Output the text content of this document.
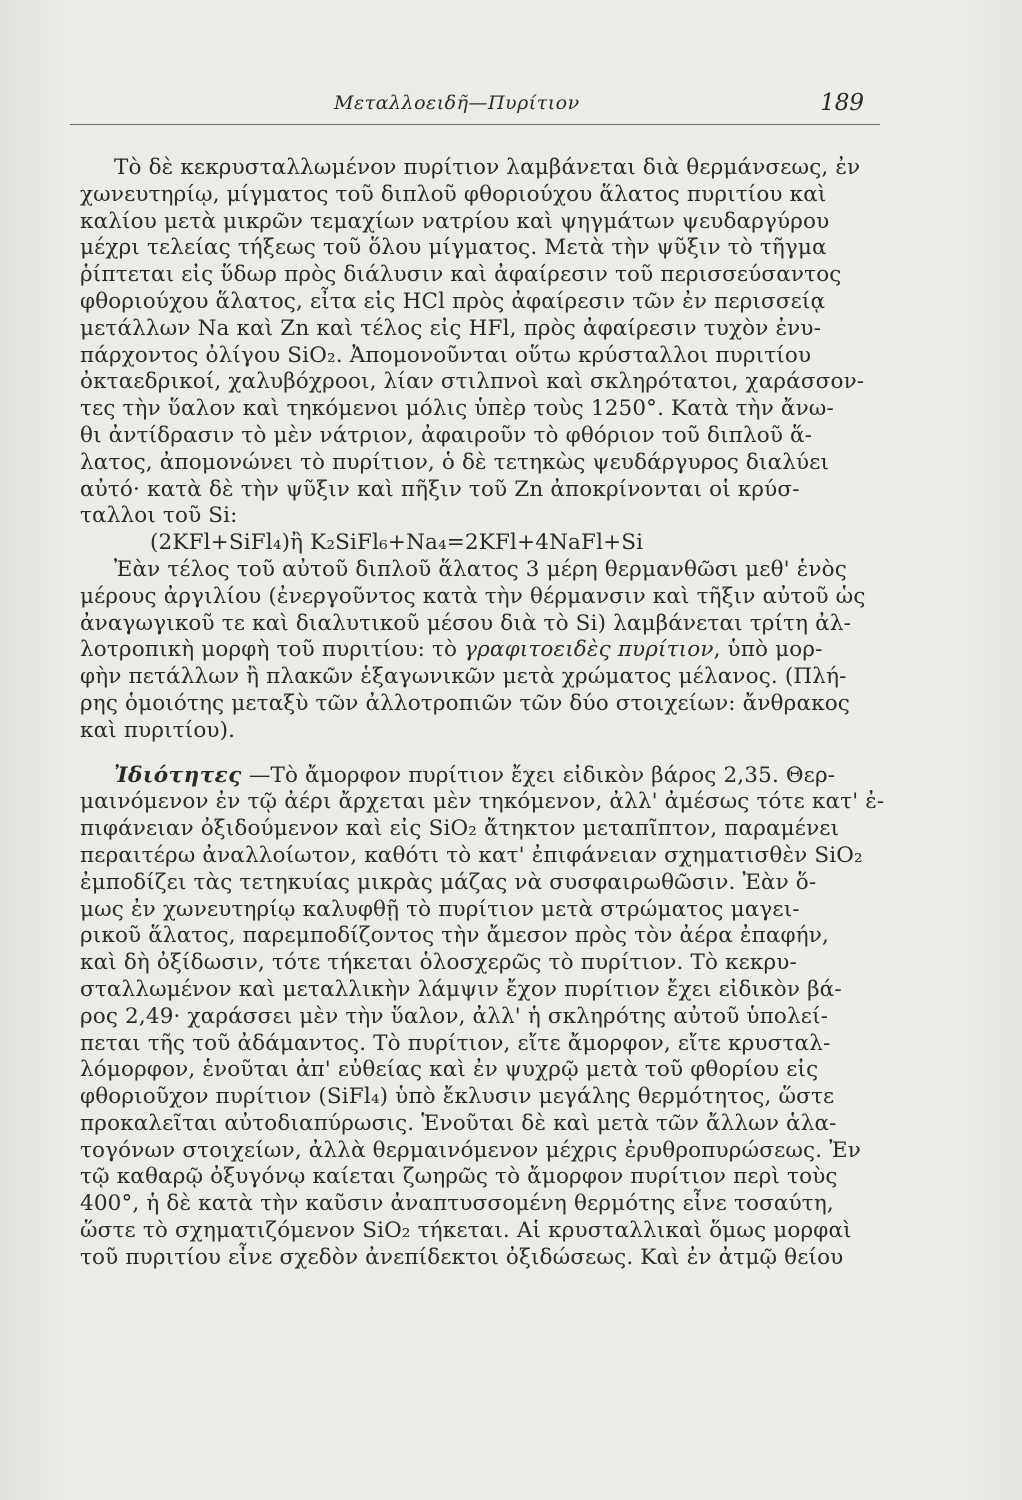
Μεταλλοειδῆ—Πυρίτιον	189
Τὸ δὲ κεκρυσταλλωμένον πυρίτιον λαμβάνεται διὰ θερμάνσεως, ἐν
χωνευτηρίῳ, μίγματος τοῦ διπλοῦ φθοριούχου ἅλατος πυριτίου καὶ
καλίου μετὰ μικρῶν τεμαχίων νατρίου καὶ ψηγμάτων ψευδαργύρου
μέχρι τελείας τήξεως τοῦ ὅλου μίγματος. Μετὰ τὴν ψῦξιν τὸ τῆγμα
ῥίπτεται εἰς ὕδωρ πρὸς διάλυσιν καὶ ἀφαίρεσιν τοῦ περισσεύσαντος
φθοριούχου ἅλατος, εἶτα εἰς HCl πρὸς ἀφαίρεσιν τῶν ἐν περισσείᾳ
μετάλλων Na καὶ Zn καὶ τέλος εἰς HFl, πρὸς ἀφαίρεσιν τυχὸν ἐνυ-
πάρχοντος ὀλίγου SiO₂. Ἀπομονοῦνται οὕτω κρύσταλλοι πυριτίου
ὀκταεδρικοί, χαλυβόχροοι, λίαν στιλπνοὶ καὶ σκληρότατοι, χαράσσον-
τες τὴν ὕαλον καὶ τηκόμενοι μόλις ὑπὲρ τοὺς 1250°. Κατὰ τὴν ἄνω-
θι ἀντίδρασιν τὸ μὲν νάτριον, ἀφαιροῦν τὸ φθόριον τοῦ διπλοῦ ἅ-
λατος, ἀπομονώνει τὸ πυρίτιον, ὁ δὲ τετηκὼς ψευδάργυρος διαλύει
αὐτό· κατὰ δὲ τὴν ψῦξιν καὶ πῆξιν τοῦ Zn ἀποκρίνονται οἱ κρύσ-
ταλλοι τοῦ Si:
(2KFl+SiFl₄)ἢ K₂SiFl₆+Na₄=2KFl+4NaFl+Si
Ἐὰν τέλος τοῦ αὐτοῦ διπλοῦ ἅλατος 3 μέρη θερμανθῶσι μεθ' ἑνὸς
μέρους ἀργιλίου (ἐνεργοῦντος κατὰ τὴν θέρμανσιν καὶ τῆξιν αὐτοῦ ὡς
ἀναγωγικοῦ τε καὶ διαλυτικοῦ μέσου διὰ τὸ Si) λαμβάνεται τρίτη ἀλ-
λοτροπικὴ μορφὴ τοῦ πυριτίου: τὸ γραφιτοειδὲς πυρίτιον, ὑπὸ μορ-
φὴν πετάλλων ἢ πλακῶν ἑξαγωνικῶν μετὰ χρώματος μέλανος. (Πλή-
ρης ὁμοιότης μεταξὺ τῶν ἀλλοτροπιῶν τῶν δύο στοιχείων: ἄνθρακος
καὶ πυριτίου).
Ἰδιότητες —Τὸ ἄμορφον πυρίτιον ἔχει εἰδικὸν βάρος 2,35. Θερ-
μαινόμενον ἐν τῷ ἀέρι ἄρχεται μὲν τηκόμενον, ἀλλ' ἀμέσως τότε κατ' ἐ-
πιφάνειαν ὀξιδούμενον καὶ εἰς SiO₂ ἄτηκτον μεταπῖπτον, παραμένει
περαιτέρω ἀναλλοίωτον, καθότι τὸ κατ' ἐπιφάνειαν σχηματισθὲν SiO₂
ἐμποδίζει τὰς τετηκυίας μικρὰς μάζας νὰ συσφαιρωθῶσιν. Ἐὰν ὅ-
μως ἐν χωνευτηρίῳ καλυφθῇ τὸ πυρίτιον μετὰ στρώματος μαγει-
ρικοῦ ἅλατος, παρεμποδίζοντος τὴν ἄμεσον πρὸς τὸν ἀέρα ἐπαφήν,
καὶ δὴ ὀξίδωσιν, τότε τήκεται ὁλοσχερῶς τὸ πυρίτιον. Τὸ κεκρυ-
σταλλωμένον καὶ μεταλλικὴν λάμψιν ἔχον πυρίτιον ἔχει εἰδικὸν βά-
ρος 2,49· χαράσσει μὲν τὴν ὕαλον, ἀλλ' ἡ σκληρότης αὐτοῦ ὑπολεί-
πεται τῆς τοῦ ἀδάμαντος. Τὸ πυρίτιον, εἴτε ἄμορφον, εἴτε κρυσταλ-
λόμορφον, ἑνοῦται ἀπ' εὐθείας καὶ ἐν ψυχρῷ μετὰ τοῦ φθορίου εἰς
φθοριοῦχον πυρίτιον (SiFl₄) ὑπὸ ἔκλυσιν μεγάλης θερμότητος, ὥστε
προκαλεῖται αὐτοδιαπύρωσις. Ἑνοῦται δὲ καὶ μετὰ τῶν ἄλλων ἁλα-
τογόνων στοιχείων, ἀλλὰ θερμαινόμενον μέχρις ἐρυθροπυρώσεως. Ἐν
τῷ καθαρῷ ὀξυγόνῳ καίεται ζωηρῶς τὸ ἄμορφον πυρίτιον περὶ τοὺς
400°, ἡ δὲ κατὰ τὴν καῦσιν ἀναπτυσσομένη θερμότης εἶνε τοσαύτη,
ὥστε τὸ σχηματιζόμενον SiO₂ τήκεται. Αἱ κρυσταλλικαὶ ὅμως μορφαὶ
τοῦ πυριτίου εἶνε σχεδὸν ἀνεπίδεκτοι ὀξιδώσεως. Καὶ ἐν ἀτμῷ θείου
